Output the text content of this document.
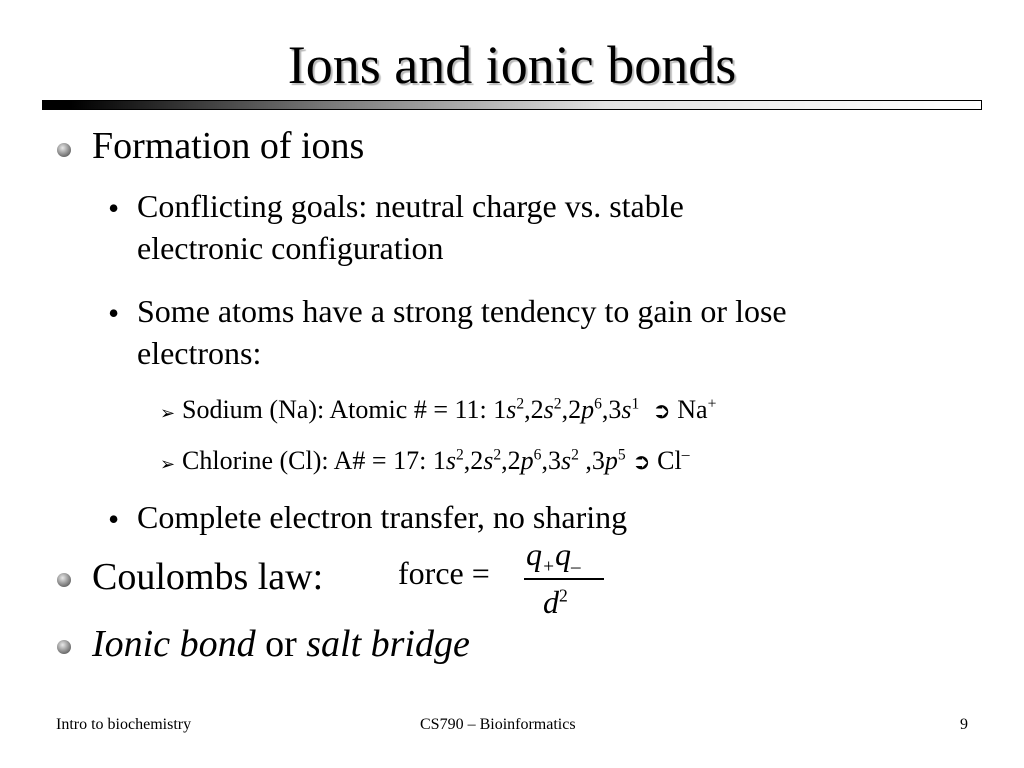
Ions and ionic bonds

Formation of ions

• Conflicting goals: neutral charge vs. stable
electronic configuration

• Some atoms have a strong tendency to gain or lose
electrons:

➢ Sodium (Na): Atomic # = 11: $1s^2,2s^2,2p^6,3s^1$ ➲ Na+

➢ Chlorine (Cl): A# = 17: $1s^2,2s^2,2p^6,3s^2$ $,3p^5$ ➲ Cl–

• Complete electron transfer, no sharing

Coulombs law: force =
$q_+q_-$
$d^2$

Ionic bond or salt bridge

Intro to biochemistry	CS790 – Bioinformatics	9
